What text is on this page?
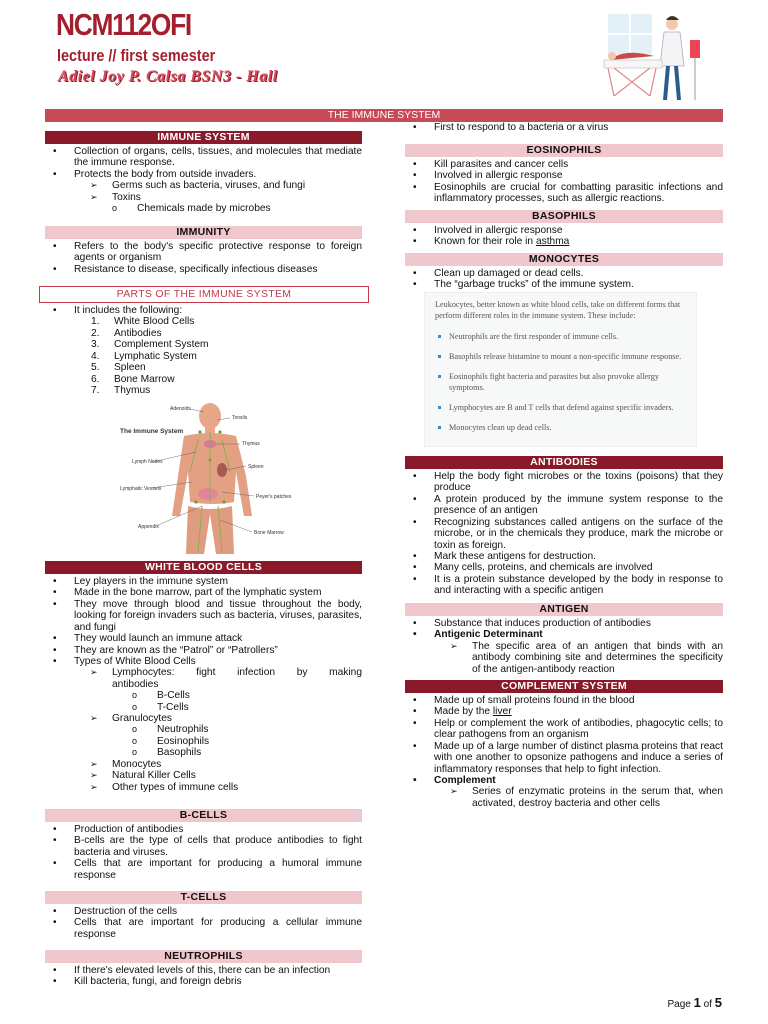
NCM112OFI
lecture // first semester
Adiel Joy P. Calsa BSN3 - Hall
THE IMMUNE SYSTEM
IMMUNE SYSTEM
• Collection of organs, cells, tissues, and molecules that mediate the immune response.
• Protects the body from outside invaders.
➢ Germs such as bacteria, viruses, and fungi
➢ Toxins
o Chemicals made by microbes
IMMUNITY
• Refers to the body's specific protective response to foreign agents or organism
• Resistance to disease, specifically infectious diseases
PARTS OF THE IMMUNE SYSTEM
• It includes the following:
1. White Blood Cells
2. Antibodies
3. Complement System
4. Lymphatic System
5. Spleen
6. Bone Marrow
7. Thymus
The Immune System
Adenoids
Tonsils
Thymus
Lymph Nodes
Spleen
Lymphatic Vessels
Peyer's patches
Appendix
Bone Marrow
WHITE BLOOD CELLS
• Ley players in the immune system
• Made in the bone marrow, part of the lymphatic system
• They move through blood and tissue throughout the body, looking for foreign invaders such as bacteria, viruses, parasites, and fungi
• They would launch an immune attack
• They are known as the “Patrol” or “Patrollers”
• Types of White Blood Cells
➢ Lymphocytes: fight infection by making antibodies
o B-Cells
o T-Cells
➢ Granulocytes
o Neutrophils
o Eosinophils
o Basophils
➢ Monocytes
➢ Natural Killer Cells
➢ Other types of immune cells
B-CELLS
• Production of antibodies
• B-cells are the type of cells that produce antibodies to fight bacteria and viruses.
• Cells that are important for producing a humoral immune response
T-CELLS
• Destruction of the cells
• Cells that are important for producing a cellular immune response
NEUTROPHILS
• If there's elevated levels of this, there can be an infection
• Kill bacteria, fungi, and foreign debris
• First to respond to a bacteria or a virus
EOSINOPHILS
• Kill parasites and cancer cells
• Involved in allergic response
• Eosinophils are crucial for combatting parasitic infections and inflammatory processes, such as allergic reactions.
BASOPHILS
• Involved in allergic response
• Known for their role in asthma
MONOCYTES
• Clean up damaged or dead cells.
• The “garbage trucks” of the immune system.
Leukocytes, better known as white blood cells, take on different forms that perform different roles in the immune system. These include:
Neutrophils are the first responder of immune cells.
Basophils release histamine to mount a non-specific immune response.
Eosinophils fight bacteria and parasites but also provoke allergy symptoms.
Lymphocytes are B and T cells that defend against specific invaders.
Monocytes clean up dead cells.
ANTIBODIES
• Help the body fight microbes or the toxins (poisons) that they produce
• A protein produced by the immune system response to the presence of an antigen
• Recognizing substances called antigens on the surface of the microbe, or in the chemicals they produce, mark the microbe or toxin as foreign.
• Mark these antigens for destruction.
• Many cells, proteins, and chemicals are involved
• It is a protein substance developed by the body in response to and interacting with a specific antigen
ANTIGEN
• Substance that induces production of antibodies
• Antigenic Determinant
➢ The specific area of an antigen that binds with an antibody combining site and determines the specificity of the antigen-antibody reaction
COMPLEMENT SYSTEM
• Made up of small proteins found in the blood
• Made by the liver
• Help or complement the work of antibodies, phagocytic cells; to clear pathogens from an organism
• Made up of a large number of distinct plasma proteins that react with one another to opsonize pathogens and induce a series of inflammatory responses that help to fight infection.
• Complement
➢ Series of enzymatic proteins in the serum that, when activated, destroy bacteria and other cells
Page 1 of 5
